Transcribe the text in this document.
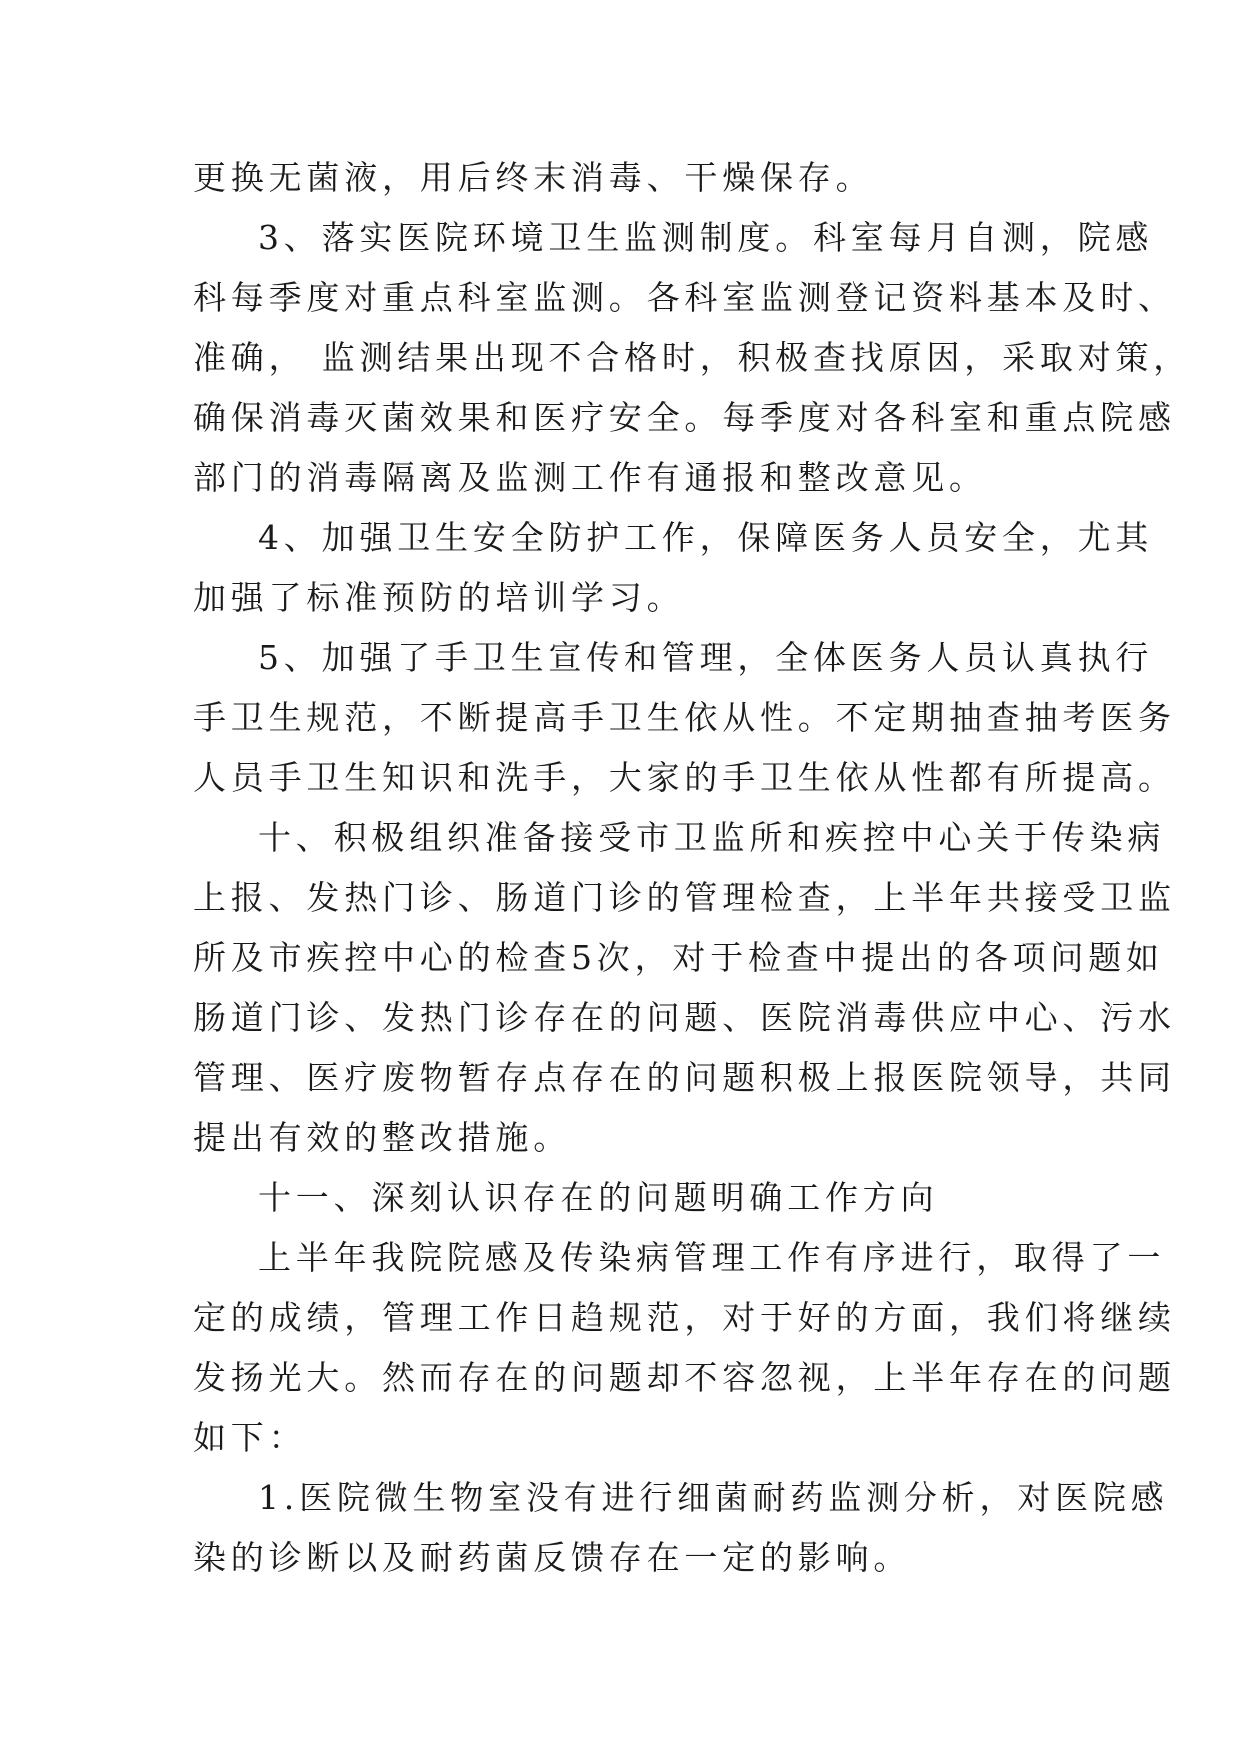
更换无菌液，用后终末消毒、干燥保存。
3、落实医院环境卫生监测制度。科室每月自测，院感
科每季度对重点科室监测。各科室监测登记资料基本及时、
准确， 监测结果出现不合格时，积极查找原因，采取对策，
确保消毒灭菌效果和医疗安全。每季度对各科室和重点院感
部门的消毒隔离及监测工作有通报和整改意见。
4、加强卫生安全防护工作，保障医务人员安全，尤其
加强了标准预防的培训学习。
5、加强了手卫生宣传和管理，全体医务人员认真执行
手卫生规范，不断提高手卫生依从性。不定期抽查抽考医务
人员手卫生知识和洗手，大家的手卫生依从性都有所提高。
十、积极组织准备接受市卫监所和疾控中心关于传染病
上报、发热门诊、肠道门诊的管理检查，上半年共接受卫监
所及市疾控中心的检查5次，对于检查中提出的各项问题如
肠道门诊、发热门诊存在的问题、医院消毒供应中心、污水
管理、医疗废物暂存点存在的问题积极上报医院领导，共同
提出有效的整改措施。
十一、深刻认识存在的问题明确工作方向
上半年我院院感及传染病管理工作有序进行，取得了一
定的成绩，管理工作日趋规范，对于好的方面，我们将继续
发扬光大。然而存在的问题却不容忽视，上半年存在的问题
如下：
1.医院微生物室没有进行细菌耐药监测分析，对医院感
染的诊断以及耐药菌反馈存在一定的影响。
